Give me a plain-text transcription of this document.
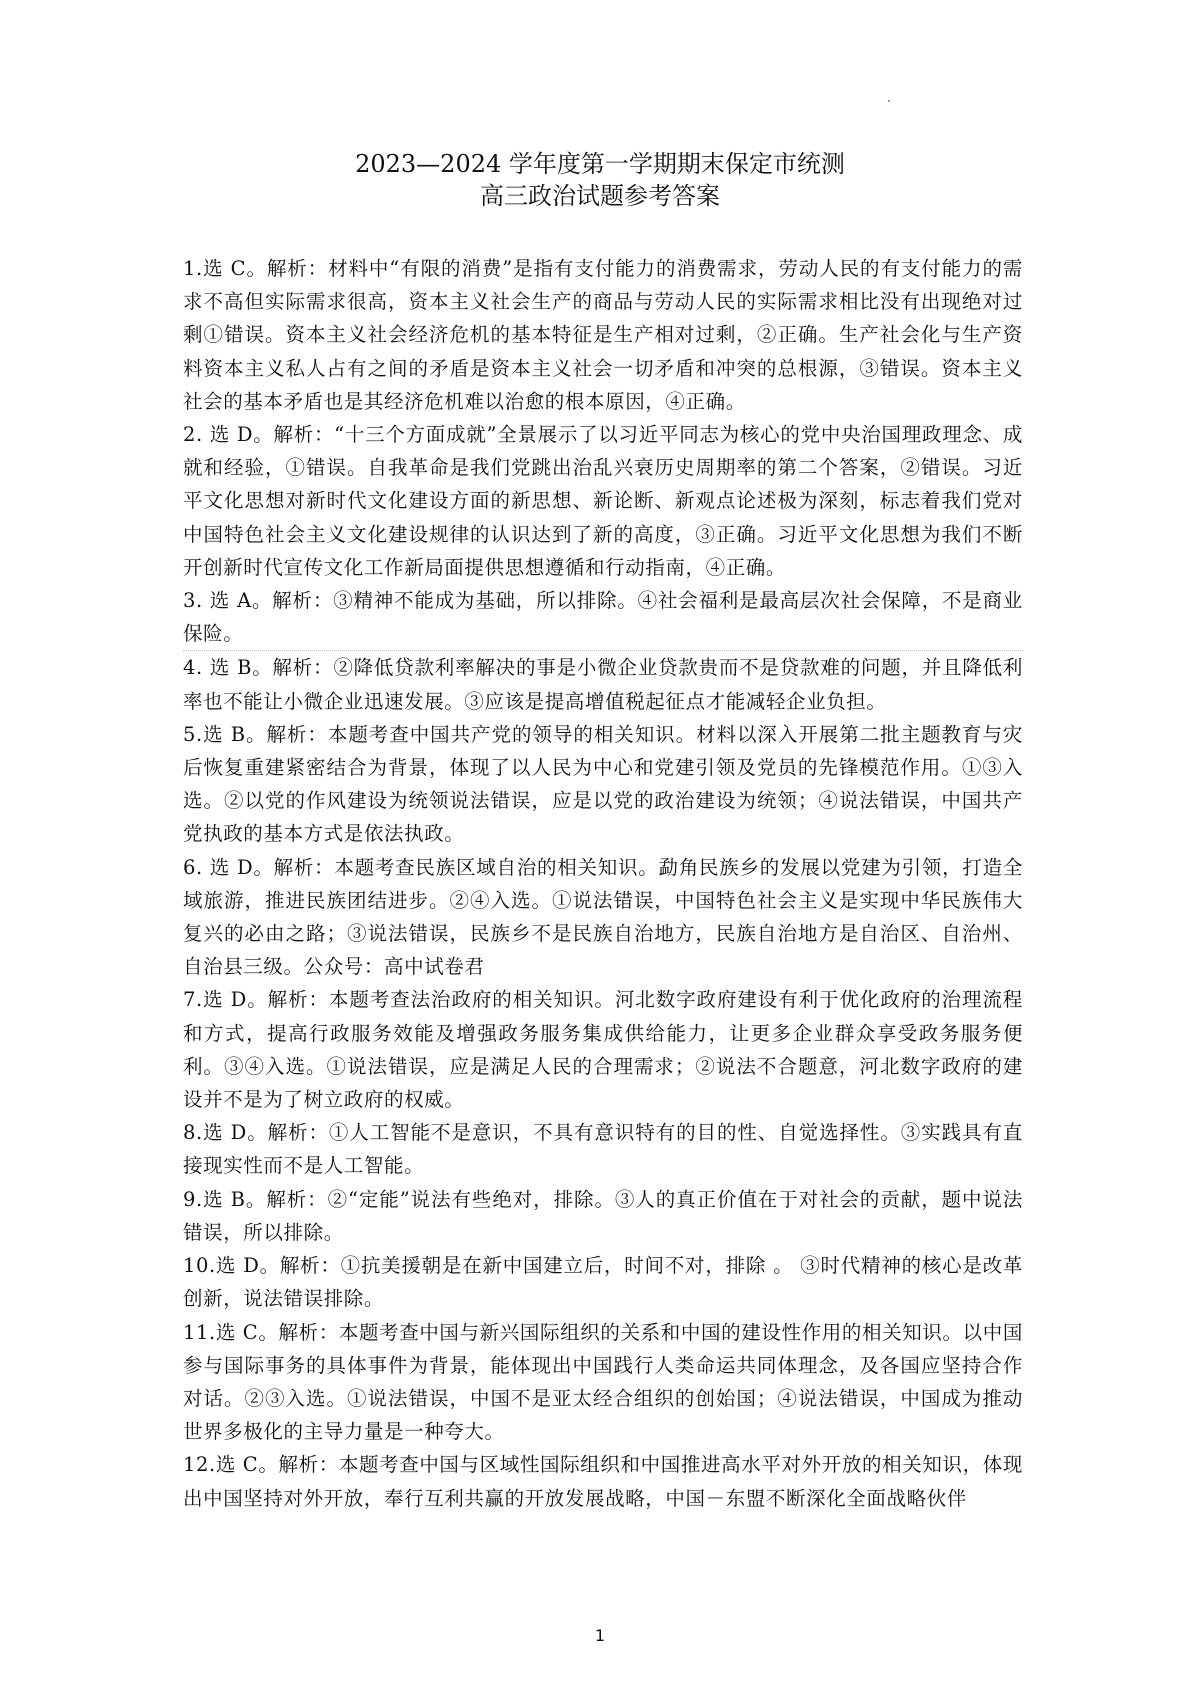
2023—2024 学年度第一学期期末保定市统测
高三政治试题参考答案

1.选 C。解析：材料中“有限的消费”是指有支付能力的消费需求，劳动人民的有支付能力的需求不高但实际需求很高，资本主义社会生产的商品与劳动人民的实际需求相比没有出现绝对过剩①错误。资本主义社会经济危机的基本特征是生产相对过剩，②正确。生产社会化与生产资料资本主义私人占有之间的矛盾是资本主义社会一切矛盾和冲突的总根源，③错误。资本主义社会的基本矛盾也是其经济危机难以治愈的根本原因，④正确。

2. 选 D。解析：“十三个方面成就”全景展示了以习近平同志为核心的党中央治国理政理念、成就和经验，①错误。自我革命是我们党跳出治乱兴衰历史周期率的第二个答案，②错误。习近平文化思想对新时代文化建设方面的新思想、新论断、新观点论述极为深刻，标志着我们党对中国特色社会主义文化建设规律的认识达到了新的高度，③正确。习近平文化思想为我们不断开创新时代宣传文化工作新局面提供思想遵循和行动指南，④正确。

3. 选 A。解析：③精神不能成为基础，所以排除。④社会福利是最高层次社会保障，不是商业保险。

4. 选 B。解析：②降低贷款利率解决的事是小微企业贷款贵而不是贷款难的问题，并且降低利率也不能让小微企业迅速发展。③应该是提高增值税起征点才能减轻企业负担。

5.选 B。解析：本题考查中国共产党的领导的相关知识。材料以深入开展第二批主题教育与灾后恢复重建紧密结合为背景，体现了以人民为中心和党建引领及党员的先锋模范作用。①③入选。②以党的作风建设为统领说法错误，应是以党的政治建设为统领；④说法错误，中国共产党执政的基本方式是依法执政。

6. 选 D。解析：本题考查民族区域自治的相关知识。勐角民族乡的发展以党建为引领，打造全域旅游，推进民族团结进步。②④入选。①说法错误，中国特色社会主义是实现中华民族伟大复兴的必由之路；③说法错误，民族乡不是民族自治地方，民族自治地方是自治区、自治州、自治县三级。公众号：高中试卷君

7.选 D。解析：本题考查法治政府的相关知识。河北数字政府建设有利于优化政府的治理流程和方式，提高行政服务效能及增强政务服务集成供给能力，让更多企业群众享受政务服务便利。③④入选。①说法错误，应是满足人民的合理需求；②说法不合题意，河北数字政府的建设并不是为了树立政府的权威。

8.选 D。解析：①人工智能不是意识，不具有意识特有的目的性、自觉选择性。③实践具有直接现实性而不是人工智能。

9.选 B。解析：②“定能”说法有些绝对，排除。③人的真正价值在于对社会的贡献，题中说法错误，所以排除。

10.选 D。解析：①抗美援朝是在新中国建立后，时间不对，排除 。 ③时代精神的核心是改革创新，说法错误排除。

11.选 C。解析：本题考查中国与新兴国际组织的关系和中国的建设性作用的相关知识。以中国参与国际事务的具体事件为背景，能体现出中国践行人类命运共同体理念，及各国应坚持合作对话。②③入选。①说法错误，中国不是亚太经合组织的创始国；④说法错误，中国成为推动世界多极化的主导力量是一种夸大。

12.选 C。解析：本题考查中国与区域性国际组织和中国推进高水平对外开放的相关知识，体现出中国坚持对外开放，奉行互利共赢的开放发展战略，中国－东盟不断深化全面战略伙伴

1
